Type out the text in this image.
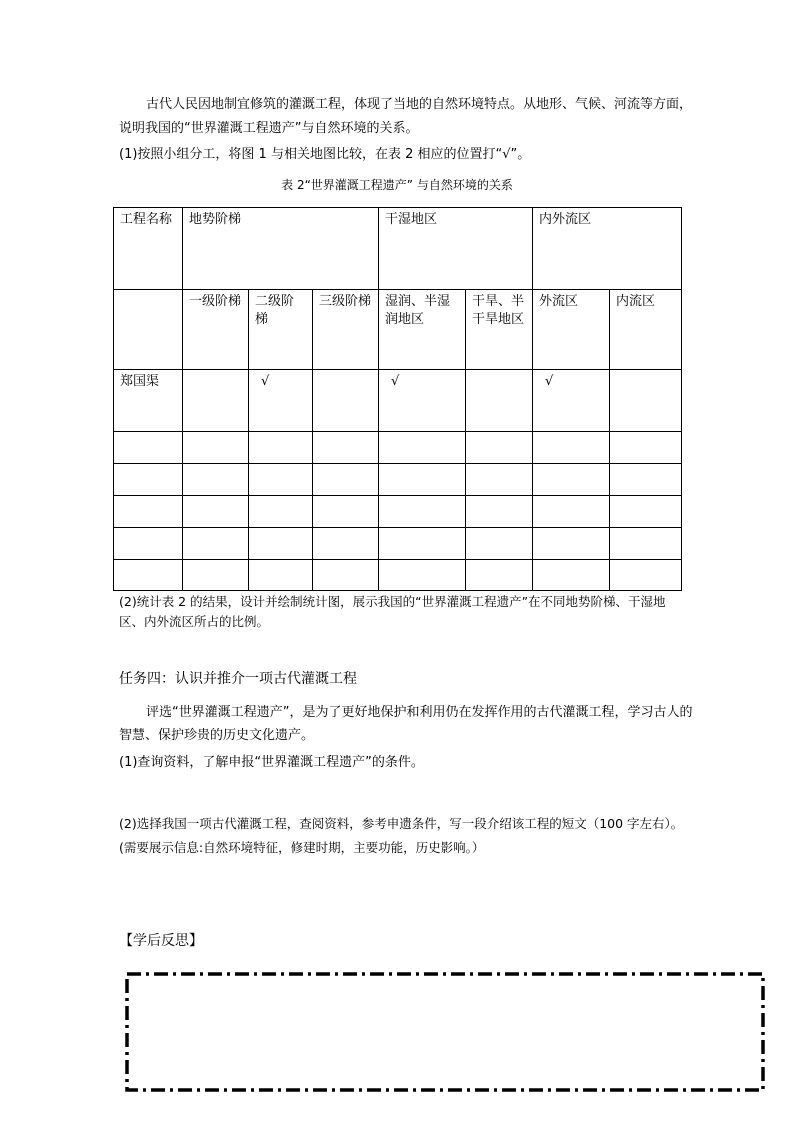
古代人民因地制宜修筑的灌溉工程，体现了当地的自然环境特点。从地形、气候、河流等方面，说明我国的“世界灌溉工程遗产”与自然环境的关系。

(1)按照小组分工，将图 1 与相关地图比较，在表 2 相应的位置打“√”。

表 2“世界灌溉工程遗产” 与自然环境的关系

工程名称	地势阶梯			干湿地区		内外流区	
	一级阶梯	二级阶梯	三级阶梯	湿润、半湿润地区	干旱、半干旱地区	外流区	内流区
郑国渠		√		√		√	

(2)统计表 2 的结果，设计并绘制统计图，展示我国的“世界灌溉工程遗产”在不同地势阶梯、干湿地区、内外流区所占的比例。

任务四：认识并推介一项古代灌溉工程

评选“世界灌溉工程遗产”，是为了更好地保护和利用仍在发挥作用的古代灌溉工程，学习古人的智慧、保护珍贵的历史文化遗产。

(1)查询资料，了解申报“世界灌溉工程遗产”的条件。

(2)选择我国一项古代灌溉工程，查阅资料，参考申遗条件，写一段介绍该工程的短文（100 字左右）。(需要展示信息:自然环境特征，修建时期，主要功能，历史影响。）

【学后反思】
